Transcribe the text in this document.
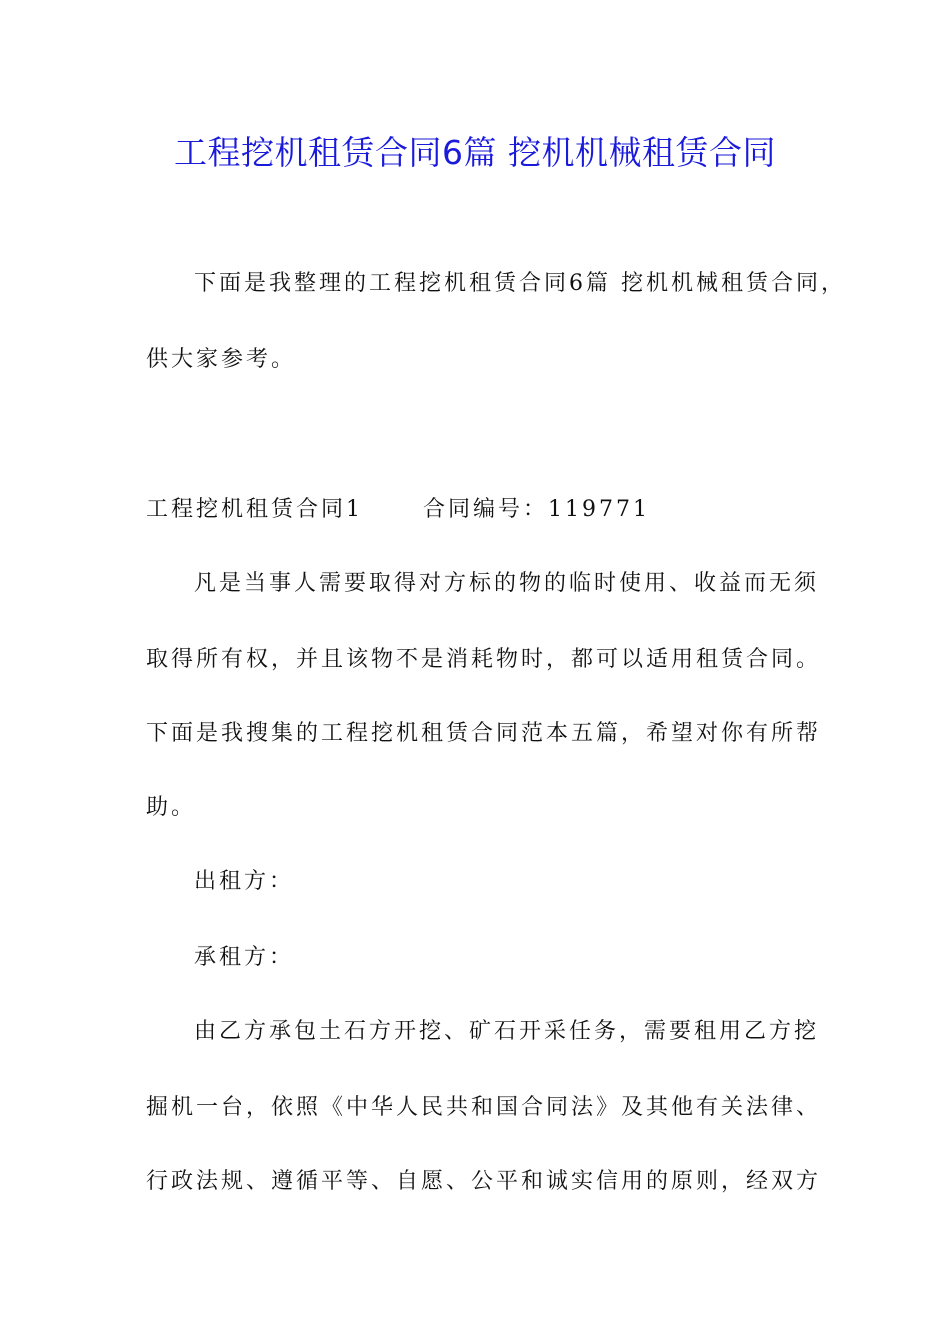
工程挖机租赁合同6篇 挖机机械租赁合同
下面是我整理的工程挖机租赁合同6篇 挖机机械租赁合同，
供大家参考。
工程挖机租赁合同1	合同编号：119771
凡是当事人需要取得对方标的物的临时使用、收益而无须
取得所有权，并且该物不是消耗物时，都可以适用租赁合同。
下面是我搜集的工程挖机租赁合同范本五篇，希望对你有所帮
助。
出租方：
承租方：
由乙方承包土石方开挖、矿石开采任务，需要租用乙方挖
掘机一台，依照《中华人民共和国合同法》及其他有关法律、
行政法规、遵循平等、自愿、公平和诚实信用的原则，经双方
